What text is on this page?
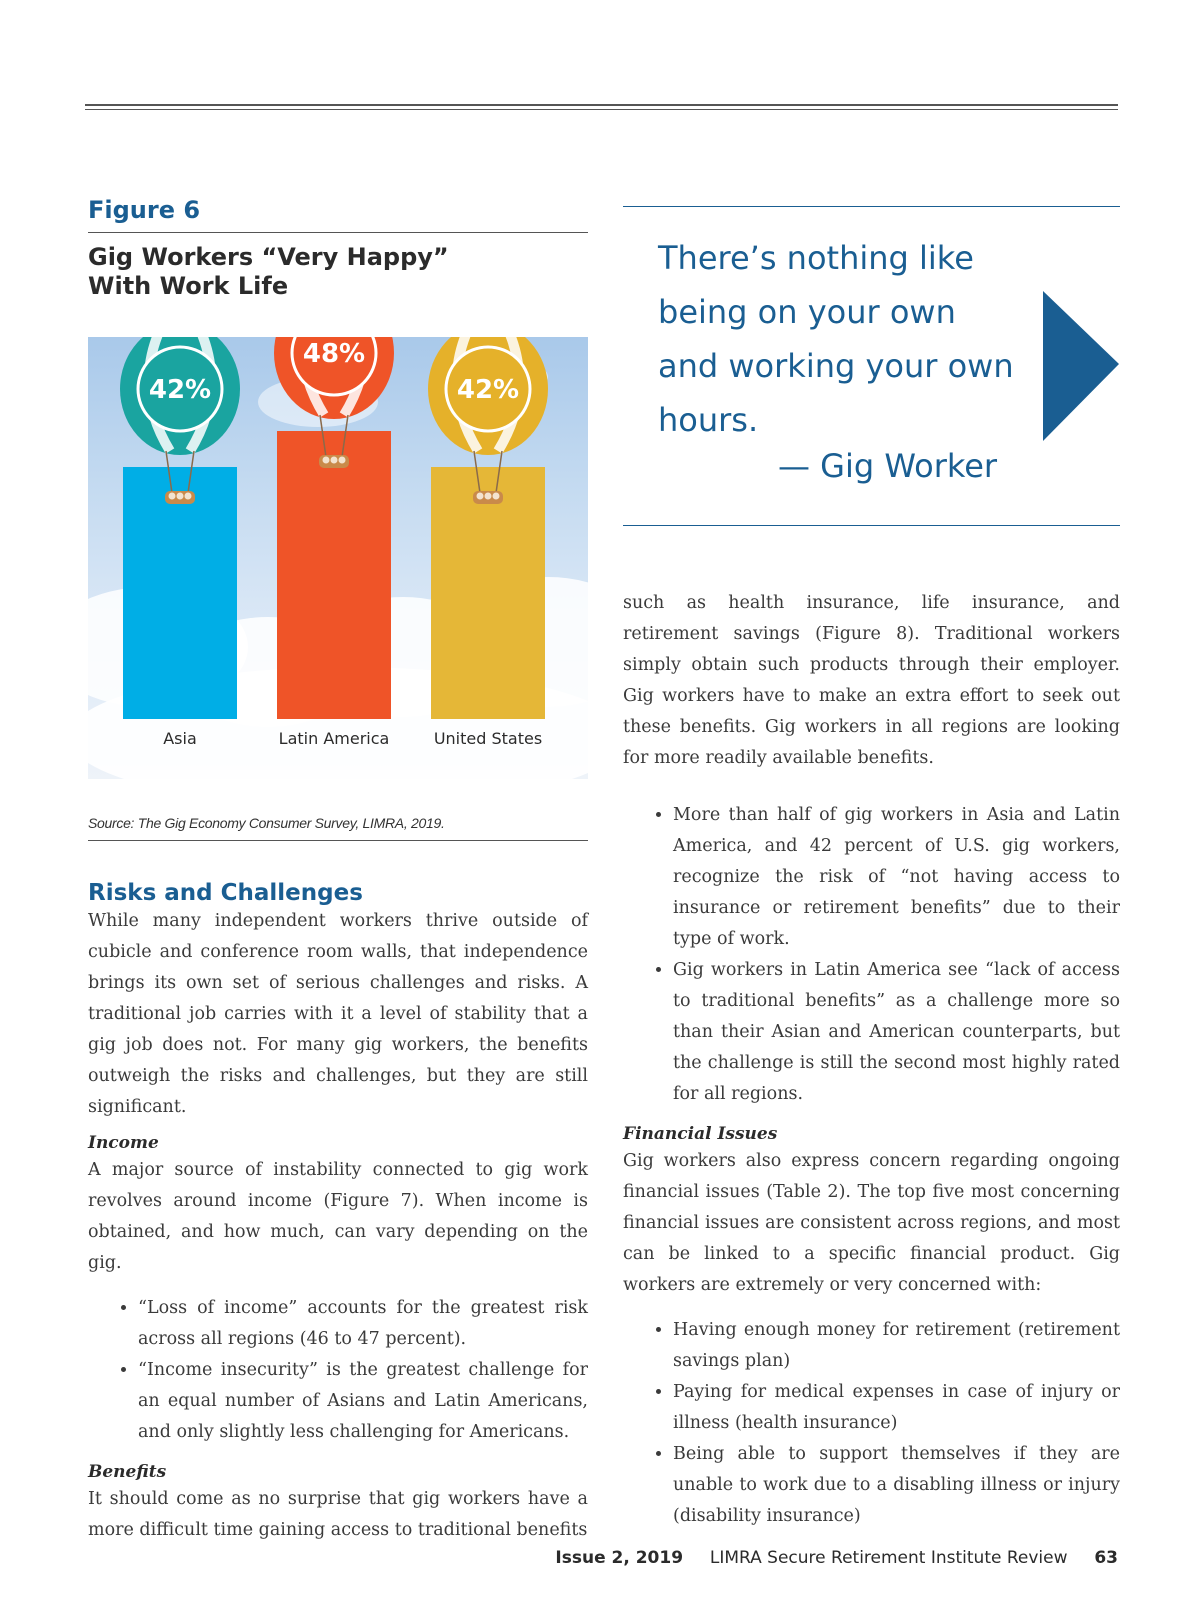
Figure 6
Gig Workers “Very Happy” With Work Life
42%
Asia
48%
Latin America
42%
United States
Source: The Gig Economy Consumer Survey, LIMRA, 2019.
Risks and Challenges

While many independent workers thrive outside of cubicle and conference room walls, that independence brings its own set of serious challenges and risks. A traditional job carries with it a level of stability that a gig job does not. For many gig workers, the benefits outweigh the risks and challenges, but they are still significant.

Income

A major source of instability connected to gig work revolves around income (Figure 7). When income is obtained, and how much, can vary depending on the gig.

• “Loss of income” accounts for the greatest risk across all regions (46 to 47 percent).
• “Income insecurity” is the greatest challenge for an equal number of Asians and Latin Americans, and only slightly less challenging for Americans.
Benefits

It should come as no surprise that gig workers have a more difficult time gaining access to traditional benefits

There’s nothing like being on your own and working your own hours.
— Gig Worker

such as health insurance, life insurance, and retirement savings (Figure 8). Traditional workers simply obtain such products through their employer. Gig workers have to make an extra effort to seek out these benefits. Gig workers in all regions are looking for more readily available benefits.

• More than half of gig workers in Asia and Latin America, and 42 percent of U.S. gig workers, recognize the risk of “not having access to insurance or retirement benefits” due to their type of work.
• Gig workers in Latin America see “lack of access to traditional benefits” as a challenge more so than their Asian and American counterparts, but the challenge is still the second most highly rated for all regions.
Financial Issues

Gig workers also express concern regarding ongoing financial issues (Table 2). The top five most concerning financial issues are consistent across regions, and most can be linked to a specific financial product. Gig workers are extremely or very concerned with:

• Having enough money for retirement (retirement savings plan)
• Paying for medical expenses in case of injury or illness (health insurance)
• Being able to support themselves if they are unable to work due to a disabling illness or injury (disability insurance)
Issue 2, 2019 LIMRA Secure Retirement Institute Review 63
